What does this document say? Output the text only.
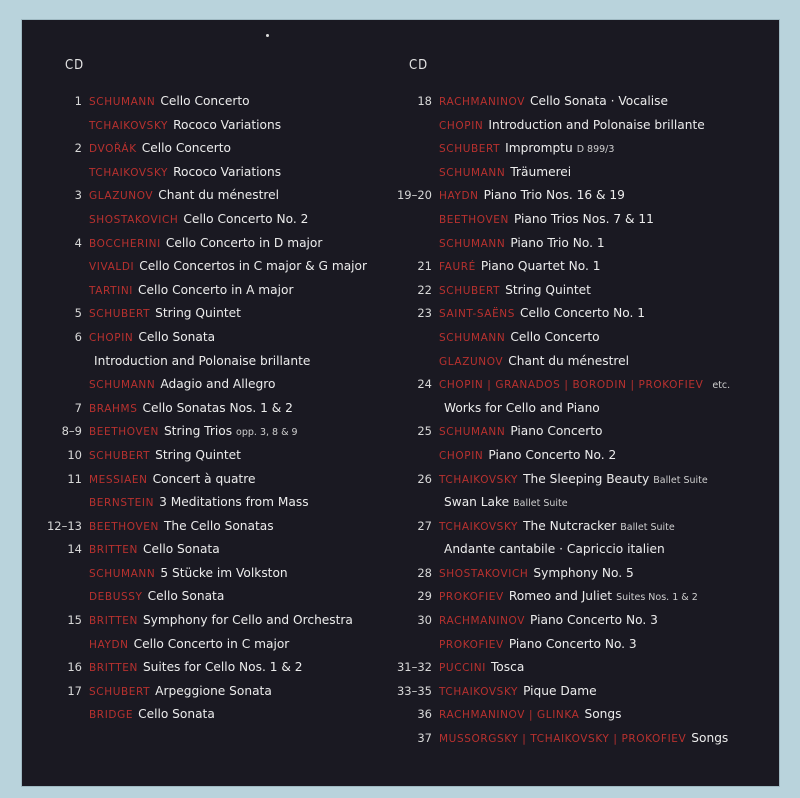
CD
1 SCHUMANN Cello Concerto
TCHAIKOVSKY Rococo Variations
2 DVOŘÁK Cello Concerto
TCHAIKOVSKY Rococo Variations
3 GLAZUNOV Chant du ménestrel
SHOSTAKOVICH Cello Concerto No. 2
4 BOCCHERINI Cello Concerto in D major
VIVALDI Cello Concertos in C major & G major
TARTINI Cello Concerto in A major
5 SCHUBERT String Quintet
6 CHOPIN Cello Sonata
Introduction and Polonaise brillante
SCHUMANN Adagio and Allegro
7 BRAHMS Cello Sonatas Nos. 1 & 2
8–9 BEETHOVEN String Trios opp. 3, 8 & 9
10 SCHUBERT String Quintet
11 MESSIAEN Concert à quatre
BERNSTEIN 3 Meditations from Mass
12–13 BEETHOVEN The Cello Sonatas
14 BRITTEN Cello Sonata
SCHUMANN 5 Stücke im Volkston
DEBUSSY Cello Sonata
15 BRITTEN Symphony for Cello and Orchestra
HAYDN Cello Concerto in C major
16 BRITTEN Suites for Cello Nos. 1 & 2
17 SCHUBERT Arpeggione Sonata
BRIDGE Cello Sonata
CD
18 RACHMANINOV Cello Sonata · Vocalise
CHOPIN Introduction and Polonaise brillante
SCHUBERT Impromptu D 899/3
SCHUMANN Träumerei
19–20 HAYDN Piano Trio Nos. 16 & 19
BEETHOVEN Piano Trios Nos. 7 & 11
SCHUMANN Piano Trio No. 1
21 FAURÉ Piano Quartet No. 1
22 SCHUBERT String Quintet
23 SAINT-SAËNS Cello Concerto No. 1
SCHUMANN Cello Concerto
GLAZUNOV Chant du ménestrel
24 CHOPIN | GRANADOS | BORODIN | PROKOFIEV etc.
Works for Cello and Piano
25 SCHUMANN Piano Concerto
CHOPIN Piano Concerto No. 2
26 TCHAIKOVSKY The Sleeping Beauty Ballet Suite
Swan Lake Ballet Suite
27 TCHAIKOVSKY The Nutcracker Ballet Suite
Andante cantabile · Capriccio italien
28 SHOSTAKOVICH Symphony No. 5
29 PROKOFIEV Romeo and Juliet Suites Nos. 1 & 2
30 RACHMANINOV Piano Concerto No. 3
PROKOFIEV Piano Concerto No. 3
31–32 PUCCINI Tosca
33–35 TCHAIKOVSKY Pique Dame
36 RACHMANINOV | GLINKA Songs
37 MUSSORGSKY | TCHAIKOVSKY | PROKOFIEV Songs
